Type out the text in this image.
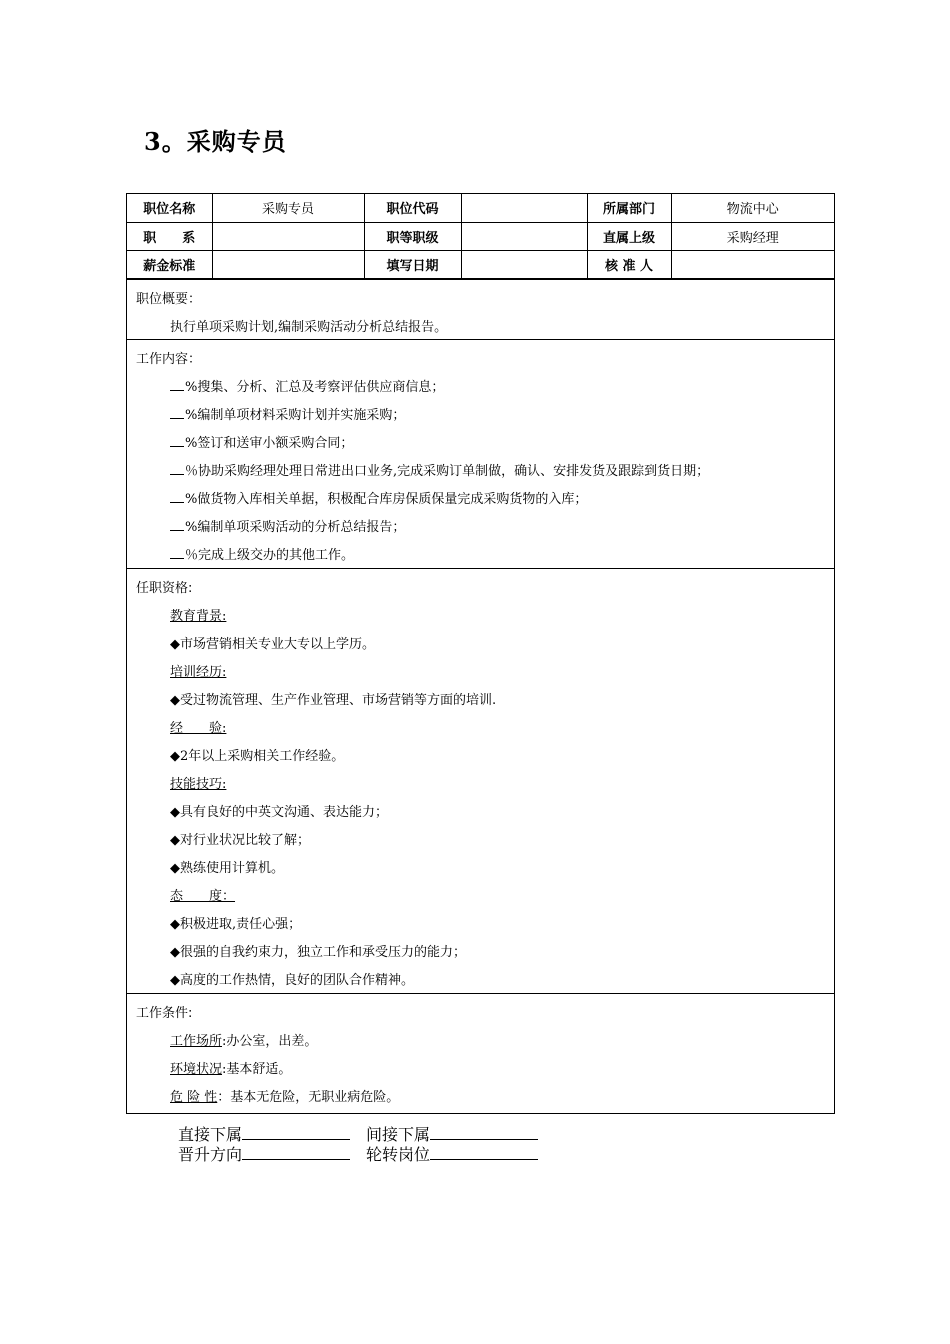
3。采购专员
职位名称	采购专员	职位代码		所属部门	物流中心
职　　系		职等职级		直属上级	采购经理
薪金标准		填写日期		核 准 人	
职位概要：
执行单项采购计划,编制采购活动分析总结报告。
工作内容：
%搜集、分析、汇总及考察评估供应商信息；
%编制单项材料采购计划并实施采购；
%签订和送审小额采购合同；
％协助采购经理处理日常进出口业务,完成采购订单制做，确认、安排发货及跟踪到货日期；
%做货物入库相关单据，积极配合库房保质保量完成采购货物的入库；
%编制单项采购活动的分析总结报告；
％完成上级交办的其他工作。
任职资格:
教育背景:
◆市场营销相关专业大专以上学历。
培训经历:
◆受过物流管理、生产作业管理、市场营销等方面的培训.
经　　验:
◆2年以上采购相关工作经验。
技能技巧:
◆具有良好的中英文沟通、表达能力；
◆对行业状况比较了解；
◆熟练使用计算机。
态　　度：
◆积极进取,责任心强；
◆很强的自我约束力，独立工作和承受压力的能力；
◆高度的工作热情，良好的团队合作精神。
工作条件:
工作场所:办公室，出差。
环境状况:基本舒适。
危 险 性：基本无危险，无职业病危险。
直接下属	间接下属
晋升方向	轮转岗位
